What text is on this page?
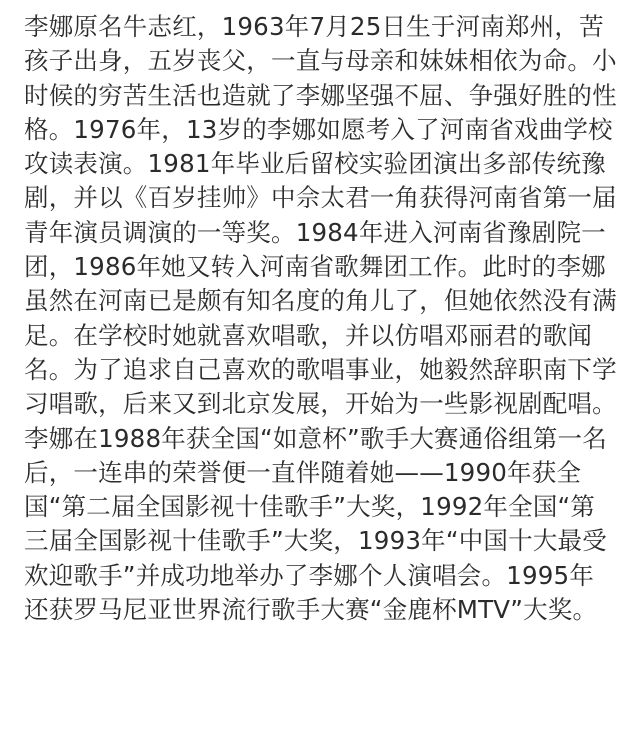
李娜原名牛志红，1963年7月25日生于河南郑州，苦
孩子出身，五岁丧父，一直与母亲和妹妹相依为命。小
时候的穷苦生活也造就了李娜坚强不屈、争强好胜的性
格。1976年，13岁的李娜如愿考入了河南省戏曲学校
攻读表演。1981年毕业后留校实验团演出多部传统豫
剧，并以《百岁挂帅》中佘太君一角获得河南省第一届
青年演员调演的一等奖。1984年进入河南省豫剧院一
团，1986年她又转入河南省歌舞团工作。此时的李娜
虽然在河南已是颇有知名度的角儿了，但她依然没有满
足。在学校时她就喜欢唱歌，并以仿唱邓丽君的歌闻
名。为了追求自己喜欢的歌唱事业，她毅然辞职南下学
习唱歌，后来又到北京发展，开始为一些影视剧配唱。
李娜在1988年获全国“如意杯”歌手大赛通俗组第一名
后，一连串的荣誉便一直伴随着她——1990年获全
国“第二届全国影视十佳歌手”大奖，1992年全国“第
三届全国影视十佳歌手”大奖，1993年“中国十大最受
欢迎歌手”并成功地举办了李娜个人演唱会。1995年
还获罗马尼亚世界流行歌手大赛“金鹿杯MTV”大奖。
